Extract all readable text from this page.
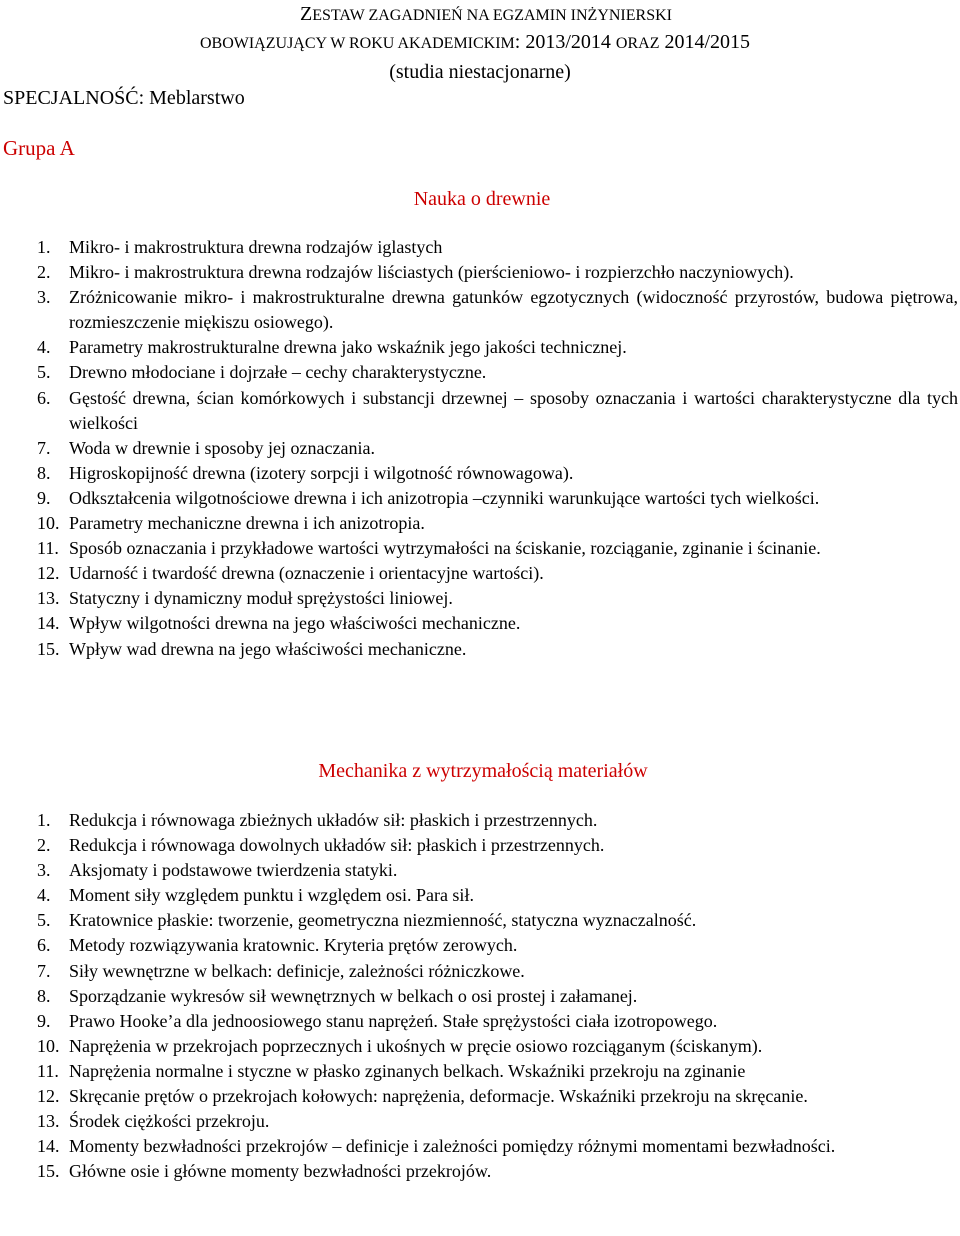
ZESTAW ZAGADNIEŃ NA EGZAMIN INŻYNIERSKI
OBOWIĄZUJĄCY W ROKU AKADEMICKIM: 2013/2014 ORAZ 2014/2015
(studia niestacjonarne)
SPECJALNOŚĆ: Meblarstwo
Grupa A
Nauka o drewnie
1.	Mikro- i makrostruktura drewna rodzajów iglastych
2.	Mikro- i makrostruktura drewna rodzajów liściastych (pierścieniowo- i rozpierzchło naczyniowych).
3.	Zróżnicowanie mikro- i makrostrukturalne drewna gatunków egzotycznych (widoczność przyrostów, budowa piętrowa, rozmieszczenie miękiszu osiowego).
4.	Parametry makrostrukturalne drewna jako wskaźnik jego jakości technicznej.
5.	Drewno młodociane i dojrzałe – cechy charakterystyczne.
6.	Gęstość drewna, ścian komórkowych i substancji drzewnej – sposoby oznaczania i wartości charakterystyczne dla tych wielkości
7.	Woda w drewnie i sposoby jej oznaczania.
8.	Higroskopijność drewna (izotery sorpcji i wilgotność równowagowa).
9.	Odkształcenia wilgotnościowe drewna i ich anizotropia –czynniki warunkujące wartości tych wielkości.
10. Parametry mechaniczne drewna i ich anizotropia.
11. Sposób oznaczania i przykładowe wartości wytrzymałości na ściskanie, rozciąganie, zginanie i ścinanie.
12. Udarność i twardość drewna (oznaczenie i orientacyjne wartości).
13. Statyczny i dynamiczny moduł sprężystości liniowej.
14. Wpływ wilgotności drewna na jego właściwości mechaniczne.
15. Wpływ wad drewna na jego właściwości mechaniczne.
Mechanika z wytrzymałością materiałów
1.	Redukcja i równowaga zbieżnych układów sił: płaskich i przestrzennych.
2.	Redukcja i równowaga dowolnych układów sił: płaskich i przestrzennych.
3.	Aksjomaty i podstawowe twierdzenia statyki.
4.	Moment siły względem punktu i względem osi. Para sił.
5.	Kratownice płaskie: tworzenie, geometryczna niezmienność, statyczna wyznaczalność.
6.	Metody rozwiązywania kratownic. Kryteria prętów zerowych.
7.	Siły wewnętrzne w belkach: definicje, zależności różniczkowe.
8.	Sporządzanie wykresów sił wewnętrznych w belkach o osi prostej i załamanej.
9.	Prawo Hooke’a dla jednoosiowego stanu naprężeń. Stałe sprężystości ciała izotropowego.
10. Naprężenia w przekrojach poprzecznych i ukośnych w pręcie osiowo rozciąganym (ściskanym).
11. Naprężenia normalne i styczne w płasko zginanych belkach. Wskaźniki przekroju na zginanie
12. Skręcanie prętów o przekrojach kołowych: naprężenia, deformacje. Wskaźniki przekroju na skręcanie.
13. Środek ciężkości przekroju.
14. Momenty bezwładności przekrojów – definicje i zależności pomiędzy różnymi momentami bezwładności.
15. Główne osie i główne momenty bezwładności przekrojów.
